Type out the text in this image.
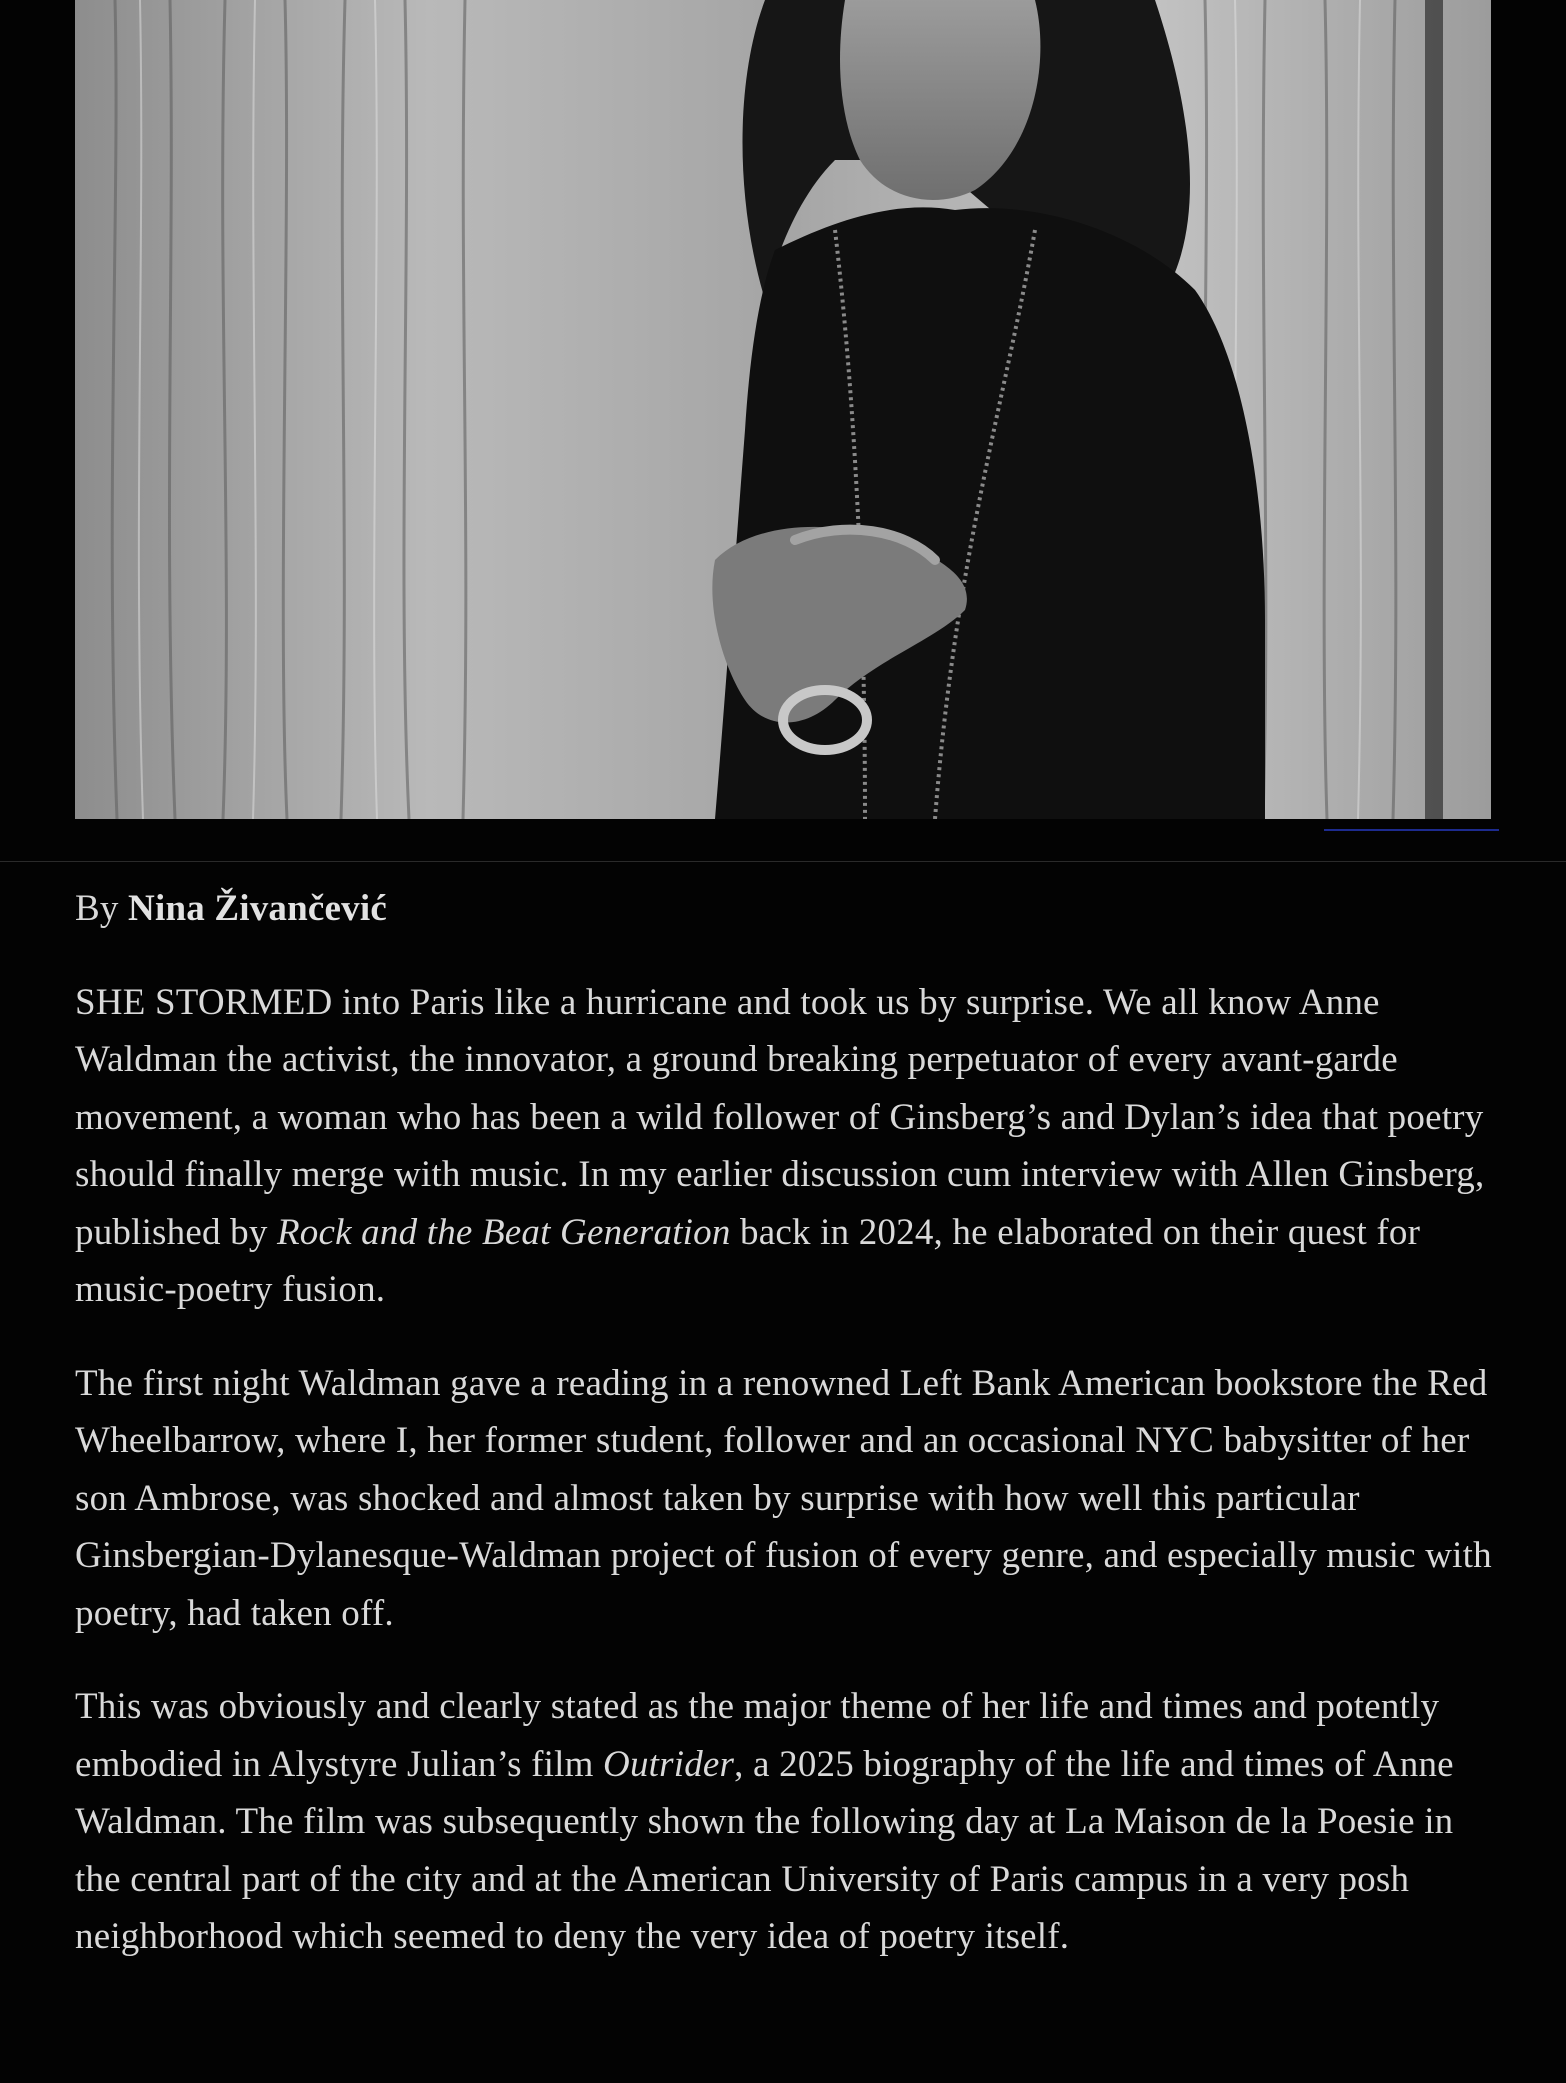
By Nina Živančević

SHE STORMED into Paris like a hurricane and took us by surprise. We all know Anne Waldman the activist, the innovator, a ground breaking perpetuator of every avant-garde movement, a woman who has been a wild follower of Ginsberg’s and Dylan’s idea that poetry should finally merge with music. In my earlier discussion cum interview with Allen Ginsberg, published by Rock and the Beat Generation back in 2024, he elaborated on their quest for music-poetry fusion.

The first night Waldman gave a reading in a renowned Left Bank American bookstore the Red Wheelbarrow, where I, her former student, follower and an occasional NYC babysitter of her son Ambrose, was shocked and almost taken by surprise with how well this particular Ginsbergian-Dylanesque-Waldman project of fusion of every genre, and especially music with poetry, had taken off.

This was obviously and clearly stated as the major theme of her life and times and potently embodied in Alystyre Julian’s film Outrider, a 2025 biography of the life and times of Anne Waldman. The film was subsequently shown the following day at La Maison de la Poesie in the central part of the city and at the American University of Paris campus in a very posh neighborhood which seemed to deny the very idea of poetry itself.
